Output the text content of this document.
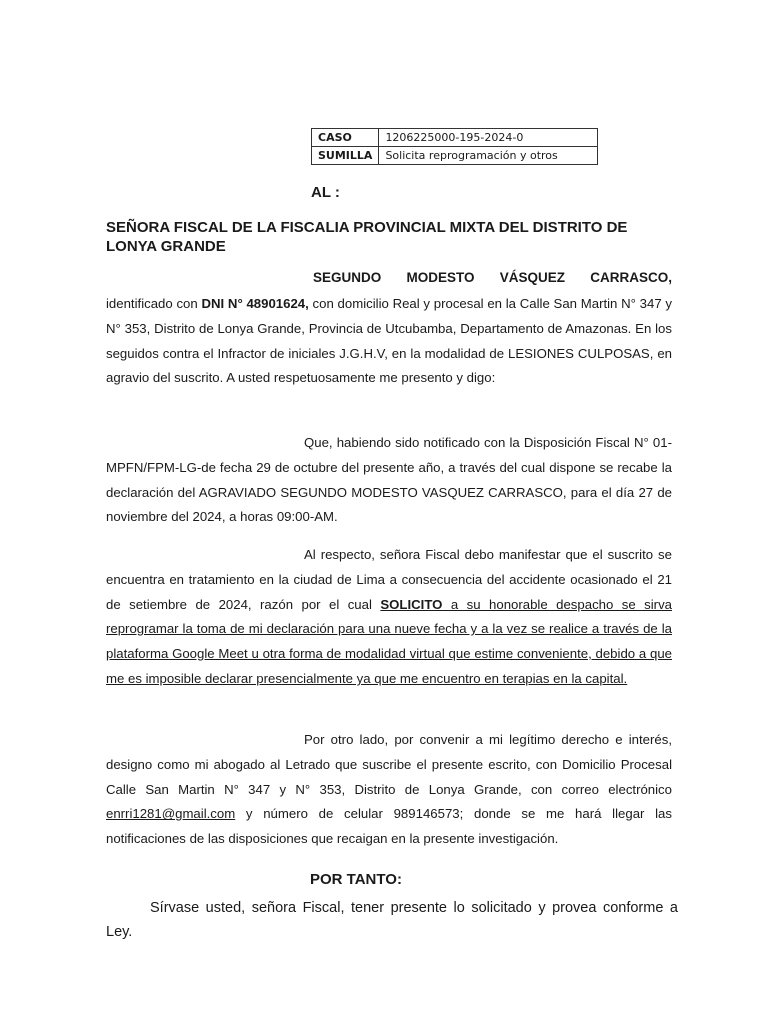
CASO	1206225000-195-2024-0
SUMILLA	Solicita reprogramación y otros
AL :
SEÑORA FISCAL DE LA FISCALIA PROVINCIAL MIXTA DEL DISTRITO DE LONYA GRANDE
SEGUNDO MODESTO VÁSQUEZ CARRASCO,
identificado con DNI N° 48901624, con domicilio Real y procesal en la Calle San Martin N° 347 y N° 353, Distrito de Lonya Grande, Provincia de Utcubamba, Departamento de Amazonas. En los seguidos contra el Infractor de iniciales J.G.H.V, en la modalidad de LESIONES CULPOSAS, en agravio del suscrito. A usted respetuosamente me presento y digo:
Que, habiendo sido notificado con la Disposición Fiscal N° 01-MPFN/FPM-LG-de fecha 29 de octubre del presente año, a través del cual dispone se recabe la declaración del AGRAVIADO SEGUNDO MODESTO VASQUEZ CARRASCO, para el día 27 de noviembre del 2024, a horas 09:00-AM.
Al respecto, señora Fiscal debo manifestar que el suscrito se encuentra en tratamiento en la ciudad de Lima a consecuencia del accidente ocasionado el 21 de setiembre de 2024, razón por el cual SOLICITO a su honorable despacho se sirva reprogramar la toma de mi declaración para una nueve fecha y a la vez se realice a través de la plataforma Google Meet u otra forma de modalidad virtual que estime conveniente, debido a que me es imposible declarar presencialmente ya que me encuentro en terapias en la capital.
Por otro lado, por convenir a mi legítimo derecho e interés, designo como mi abogado al Letrado que suscribe el presente escrito, con Domicilio Procesal Calle San Martin N° 347 y N° 353, Distrito de Lonya Grande, con correo electrónico enrri1281@gmail.com y número de celular 989146573; donde se me hará llegar las notificaciones de las disposiciones que recaigan en la presente investigación.
POR TANTO:
Sírvase usted, señora Fiscal, tener presente lo solicitado y provea conforme a Ley.
